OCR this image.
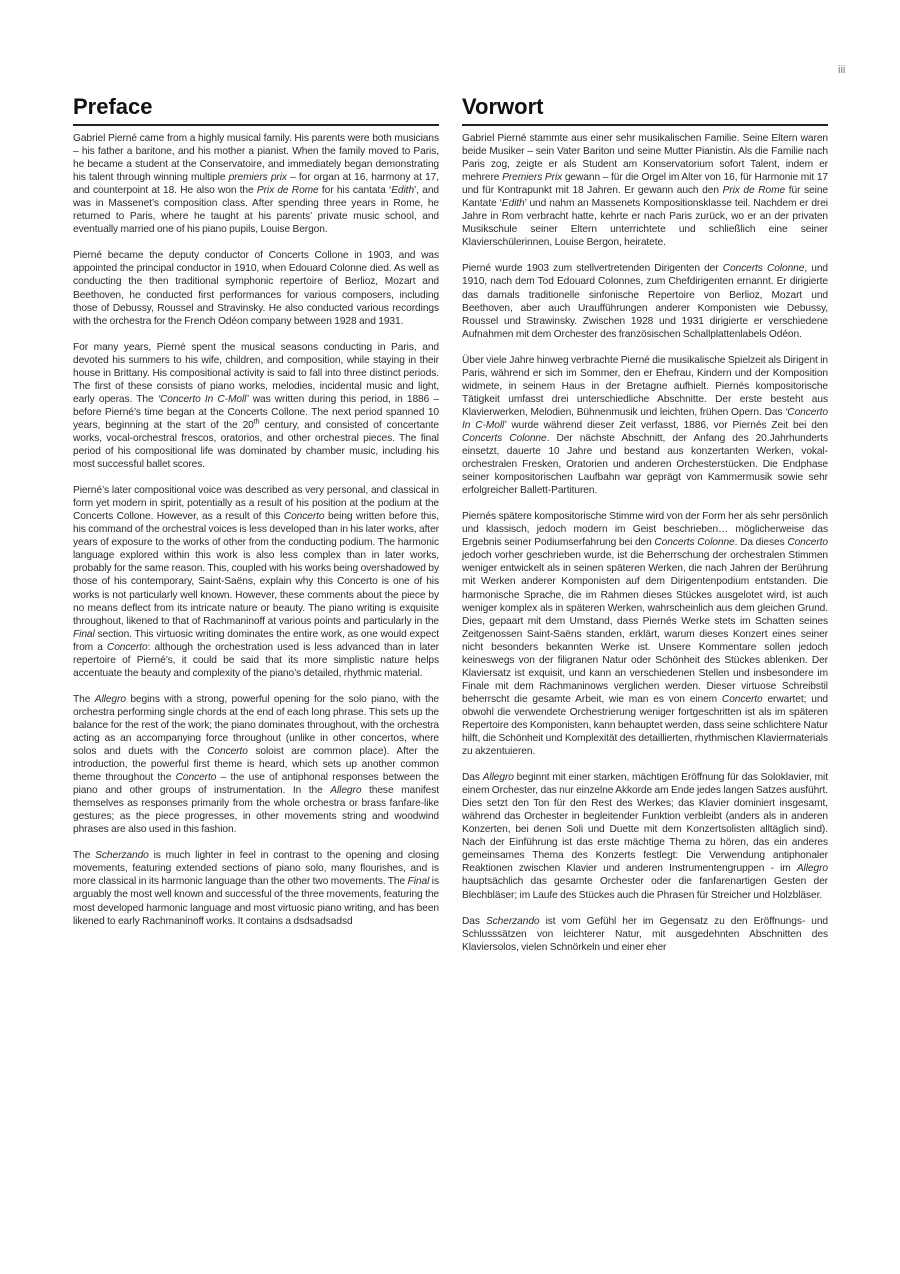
iii
Preface

Gabriel Pierné came from a highly musical family. His parents were both musicians – his father a baritone, and his mother a pianist. When the family moved to Paris, he became a student at the Conservatoire, and immediately began demonstrating his talent through winning multiple premiers prix – for organ at 16, harmony at 17, and counterpoint at 18. He also won the Prix de Rome for his cantata ‘Edith’, and was in Massenet’s composition class. After spending three years in Rome, he returned to Paris, where he taught at his parents’ private music school, and eventually married one of his piano pupils, Louise Bergon.

Pierné became the deputy conductor of Concerts Collone in 1903, and was appointed the principal conductor in 1910, when Edouard Colonne died. As well as conducting the then traditional symphonic repertoire of Berlioz, Mozart and Beethoven, he conducted first performances for various composers, including those of Debussy, Roussel and Stravinsky. He also conducted various recordings with the orchestra for the French Odéon company between 1928 and 1931.

For many years, Pierné spent the musical seasons conducting in Paris, and devoted his summers to his wife, children, and composition, while staying in their house in Brittany. His compositional activity is said to fall into three distinct periods. The first of these consists of piano works, melodies, incidental music and light, early operas. The ‘Concerto In C-Moll’ was written during this period, in 1886 – before Pierné’s time began at the Concerts Collone. The next period spanned 10 years, beginning at the start of the 20th century, and consisted of concertante works, vocal-orchestral frescos, oratorios, and other orchestral pieces. The final period of his compositional life was dominated by chamber music, including his most successful ballet scores.

Pierné’s later compositional voice was described as very personal, and classical in form yet modern in spirit, potentially as a result of his position at the podium at the Concerts Collone. However, as a result of this Concerto being written before this, his command of the orchestral voices is less developed than in his later works, after years of exposure to the works of other from the conducting podium. The harmonic language explored within this work is also less complex than in later works, probably for the same reason. This, coupled with his works being overshadowed by those of his contemporary, Saint-Saëns, explain why this Concerto is one of his works is not particularly well known. However, these comments about the piece by no means deflect from its intricate nature or beauty. The piano writing is exquisite throughout, likened to that of Rachmaninoff at various points and particularly in the Final section. This virtuosic writing dominates the entire work, as one would expect from a Concerto: although the orchestration used is less advanced than in later repertoire of Pierné’s, it could be said that its more simplistic nature helps accentuate the beauty and complexity of the piano’s detailed, rhythmic material.

The Allegro begins with a strong, powerful opening for the solo piano, with the orchestra performing single chords at the end of each long phrase. This sets up the balance for the rest of the work; the piano dominates throughout, with the orchestra acting as an accompanying force throughout (unlike in other concertos, where solos and duets with the Concerto soloist are common place). After the introduction, the powerful first theme is heard, which sets up another common theme throughout the Concerto – the use of antiphonal responses between the piano and other groups of instrumentation. In the Allegro these manifest themselves as responses primarily from the whole orchestra or brass fanfare-like gestures; as the piece progresses, in other movements string and woodwind phrases are also used in this fashion.

The Scherzando is much lighter in feel in contrast to the opening and closing movements, featuring extended sections of piano solo, many flourishes, and is more classical in its harmonic language than the other two movements. The Final is arguably the most well known and successful of the three movements, featuring the most developed harmonic language and most virtuosic piano writing, and has been likened to early Rachmaninoff works. It contains a dsdsadsadsd

Vorwort

Gabriel Pierné stammte aus einer sehr musikalischen Familie. Seine Eltern waren beide Musiker – sein Vater Bariton und seine Mutter Pianistin. Als die Familie nach Paris zog, zeigte er als Student am Konservatorium sofort Talent, indem er mehrere Premiers Prix gewann – für die Orgel im Alter von 16, für Harmonie mit 17 und für Kontrapunkt mit 18 Jahren. Er gewann auch den Prix de Rome für seine Kantate ‘Edith’ und nahm an Massenets Kompositionsklasse teil. Nachdem er drei Jahre in Rom verbracht hatte, kehrte er nach Paris zurück, wo er an der privaten Musikschule seiner Eltern unterrichtete und schließlich eine seiner Klavierschülerinnen, Louise Bergon, heiratete.

Pierné wurde 1903 zum stellvertretenden Dirigenten der Concerts Colonne, und 1910, nach dem Tod Edouard Colonnes, zum Chefdirigenten ernannt. Er dirigierte das damals traditionelle sinfonische Repertoire von Berlioz, Mozart und Beethoven, aber auch Uraufführungen anderer Komponisten wie Debussy, Roussel und Strawinsky. Zwischen 1928 und 1931 dirigierte er verschiedene Aufnahmen mit dem Orchester des französischen Schallplattenlabels Odéon.

Über viele Jahre hinweg verbrachte Pierné die musikalische Spielzeit als Dirigent in Paris, während er sich im Sommer, den er Ehefrau, Kindern und der Komposition widmete, in seinem Haus in der Bretagne aufhielt. Piernés kompositorische Tätigkeit umfasst drei unterschiedliche Abschnitte. Der erste besteht aus Klavierwerken, Melodien, Bühnenmusik und leichten, frühen Opern. Das ‘Concerto In C-Moll’ wurde während dieser Zeit verfasst, 1886, vor Piernés Zeit bei den Concerts Colonne. Der nächste Abschnitt, der Anfang des 20.Jahrhunderts einsetzt, dauerte 10 Jahre und bestand aus konzertanten Werken, vokal-orchestralen Fresken, Oratorien und anderen Orchesterstücken. Die Endphase seiner kompositorischen Laufbahn war geprägt von Kammermusik sowie sehr erfolgreicher Ballett-Partituren.

Piernés spätere kompositorische Stimme wird von der Form her als sehr persönlich und klassisch, jedoch modern im Geist beschrieben… möglicherweise das Ergebnis seiner Podiumserfahrung bei den Concerts Colonne. Da dieses Concerto jedoch vorher geschrieben wurde, ist die Beherrschung der orchestralen Stimmen weniger entwickelt als in seinen späteren Werken, die nach Jahren der Berührung mit Werken anderer Komponisten auf dem Dirigentenpodium entstanden. Die harmonische Sprache, die im Rahmen dieses Stückes ausgelotet wird, ist auch weniger komplex als in späteren Werken, wahrscheinlich aus dem gleichen Grund. Dies, gepaart mit dem Umstand, dass Piernés Werke stets im Schatten seines Zeitgenossen Saint-Saëns standen, erklärt, warum dieses Konzert eines seiner nicht besonders bekannten Werke ist. Unsere Kommentare sollen jedoch keineswegs von der filigranen Natur oder Schönheit des Stückes ablenken. Der Klaviersatz ist exquisit, und kann an verschiedenen Stellen und insbesondere im Finale mit dem Rachmaninows verglichen werden. Dieser virtuose Schreibstil beherrscht die gesamte Arbeit, wie man es von einem Concerto erwartet; und obwohl die verwendete Orchestrierung weniger fortgeschritten ist als im späteren Repertoire des Komponisten, kann behauptet werden, dass seine schlichtere Natur hilft, die Schönheit und Komplexität des detaillierten, rhythmischen Klaviermaterials zu akzentuieren.

Das Allegro beginnt mit einer starken, mächtigen Eröffnung für das Soloklavier, mit einem Orchester, das nur einzelne Akkorde am Ende jedes langen Satzes ausführt. Dies setzt den Ton für den Rest des Werkes; das Klavier dominiert insgesamt, während das Orchester in begleitender Funktion verbleibt (anders als in anderen Konzerten, bei denen Soli und Duette mit dem Konzertsolisten alltäglich sind). Nach der Einführung ist das erste mächtige Thema zu hören, das ein anderes gemeinsames Thema des Konzerts festlegt: Die Verwendung antiphonaler Reaktionen zwischen Klavier und anderen Instrumentengruppen - im Allegro hauptsächlich das gesamte Orchester oder die fanfarenartigen Gesten der Blechbläser; im Laufe des Stückes auch die Phrasen für Streicher und Holzbläser.

Das Scherzando ist vom Gefühl her im Gegensatz zu den Eröffnungs- und Schlusssätzen von leichterer Natur, mit ausgedehnten Abschnitten des Klaviersolos, vielen Schnörkeln und einer eher
